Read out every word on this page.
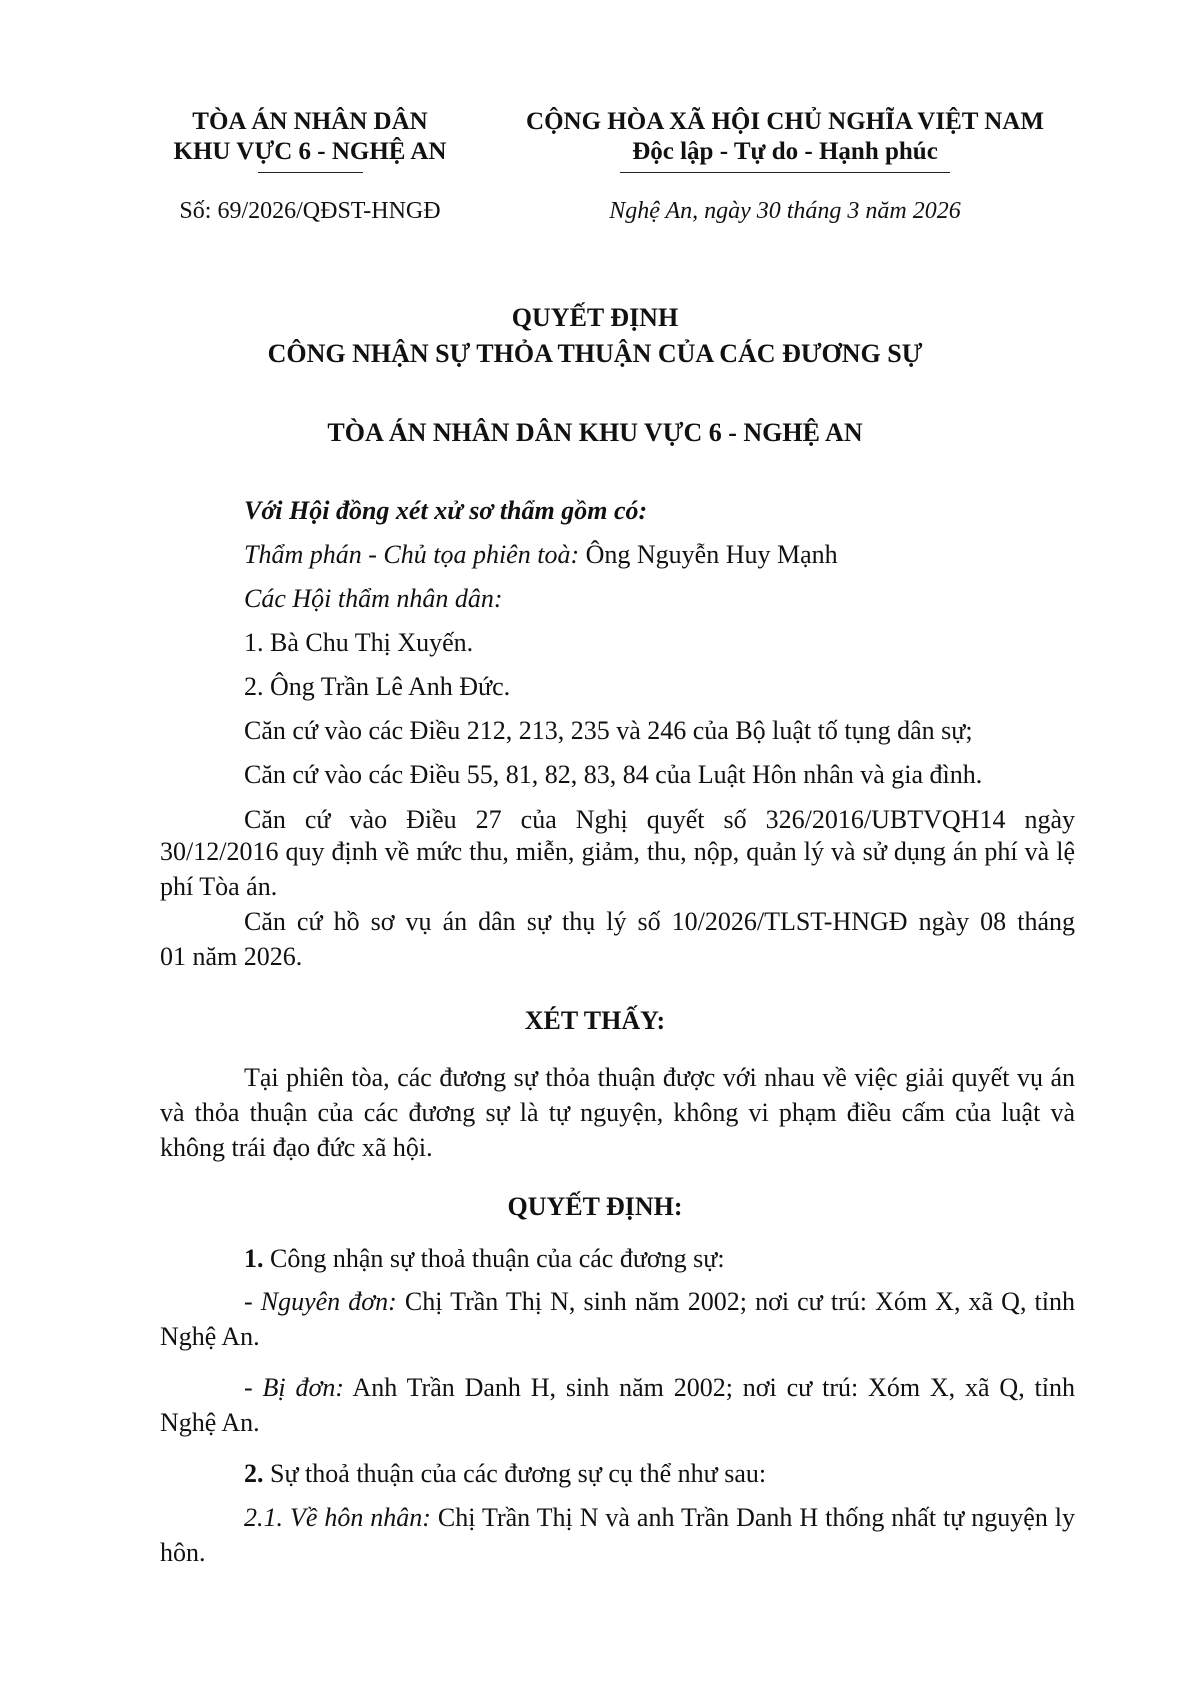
TÒA ÁN NHÂN DÂN
KHU VỰC 6 - NGHỆ AN
Số: 69/2026/QĐST-HNGĐ
CỘNG HÒA XÃ HỘI CHỦ NGHĨA VIỆT NAM
Độc lập - Tự do - Hạnh phúc
Nghệ An, ngày 30 tháng 3 năm 2026
QUYẾT ĐỊNH
CÔNG NHẬN SỰ THỎA THUẬN CỦA CÁC ĐƯƠNG SỰ
TÒA ÁN NHÂN DÂN KHU VỰC 6 - NGHỆ AN
Với Hội đồng xét xử sơ thẩm gồm có:
Thẩm phán - Chủ tọa phiên toà: Ông Nguyễn Huy Mạnh
Các Hội thẩm nhân dân:
1. Bà Chu Thị Xuyến.
2. Ông Trần Lê Anh Đức.
Căn cứ vào các Điều 212, 213, 235 và 246 của Bộ luật tố tụng dân sự;
Căn cứ vào các Điều 55, 81, 82, 83, 84 của Luật Hôn nhân và gia đình.
Căn cứ vào Điều 27 của Nghị quyết số 326/2016/UBTVQH14 ngày
30/12/2016 quy định về mức thu, miễn, giảm, thu, nộp, quản lý và sử dụng án phí và lệ phí Tòa án.
Căn cứ hồ sơ vụ án dân sự thụ lý số 10/2026/TLST-HNGĐ ngày 08 tháng
01 năm 2026.
XÉT THẤY:
Tại phiên tòa, các đương sự thỏa thuận được với nhau về việc giải quyết vụ án và thỏa thuận của các đương sự là tự nguyện, không vi phạm điều cấm của luật và không trái đạo đức xã hội.
QUYẾT ĐỊNH:
1. Công nhận sự thoả thuận của các đương sự:
- Nguyên đơn: Chị Trần Thị N, sinh năm 2002; nơi cư trú: Xóm X, xã Q, tỉnh Nghệ An.
- Bị đơn: Anh Trần Danh H, sinh năm 2002; nơi cư trú: Xóm X, xã Q, tỉnh Nghệ An.
2. Sự thoả thuận của các đương sự cụ thể như sau:
2.1. Về hôn nhân: Chị Trần Thị N và anh Trần Danh H thống nhất tự nguyện ly hôn.
